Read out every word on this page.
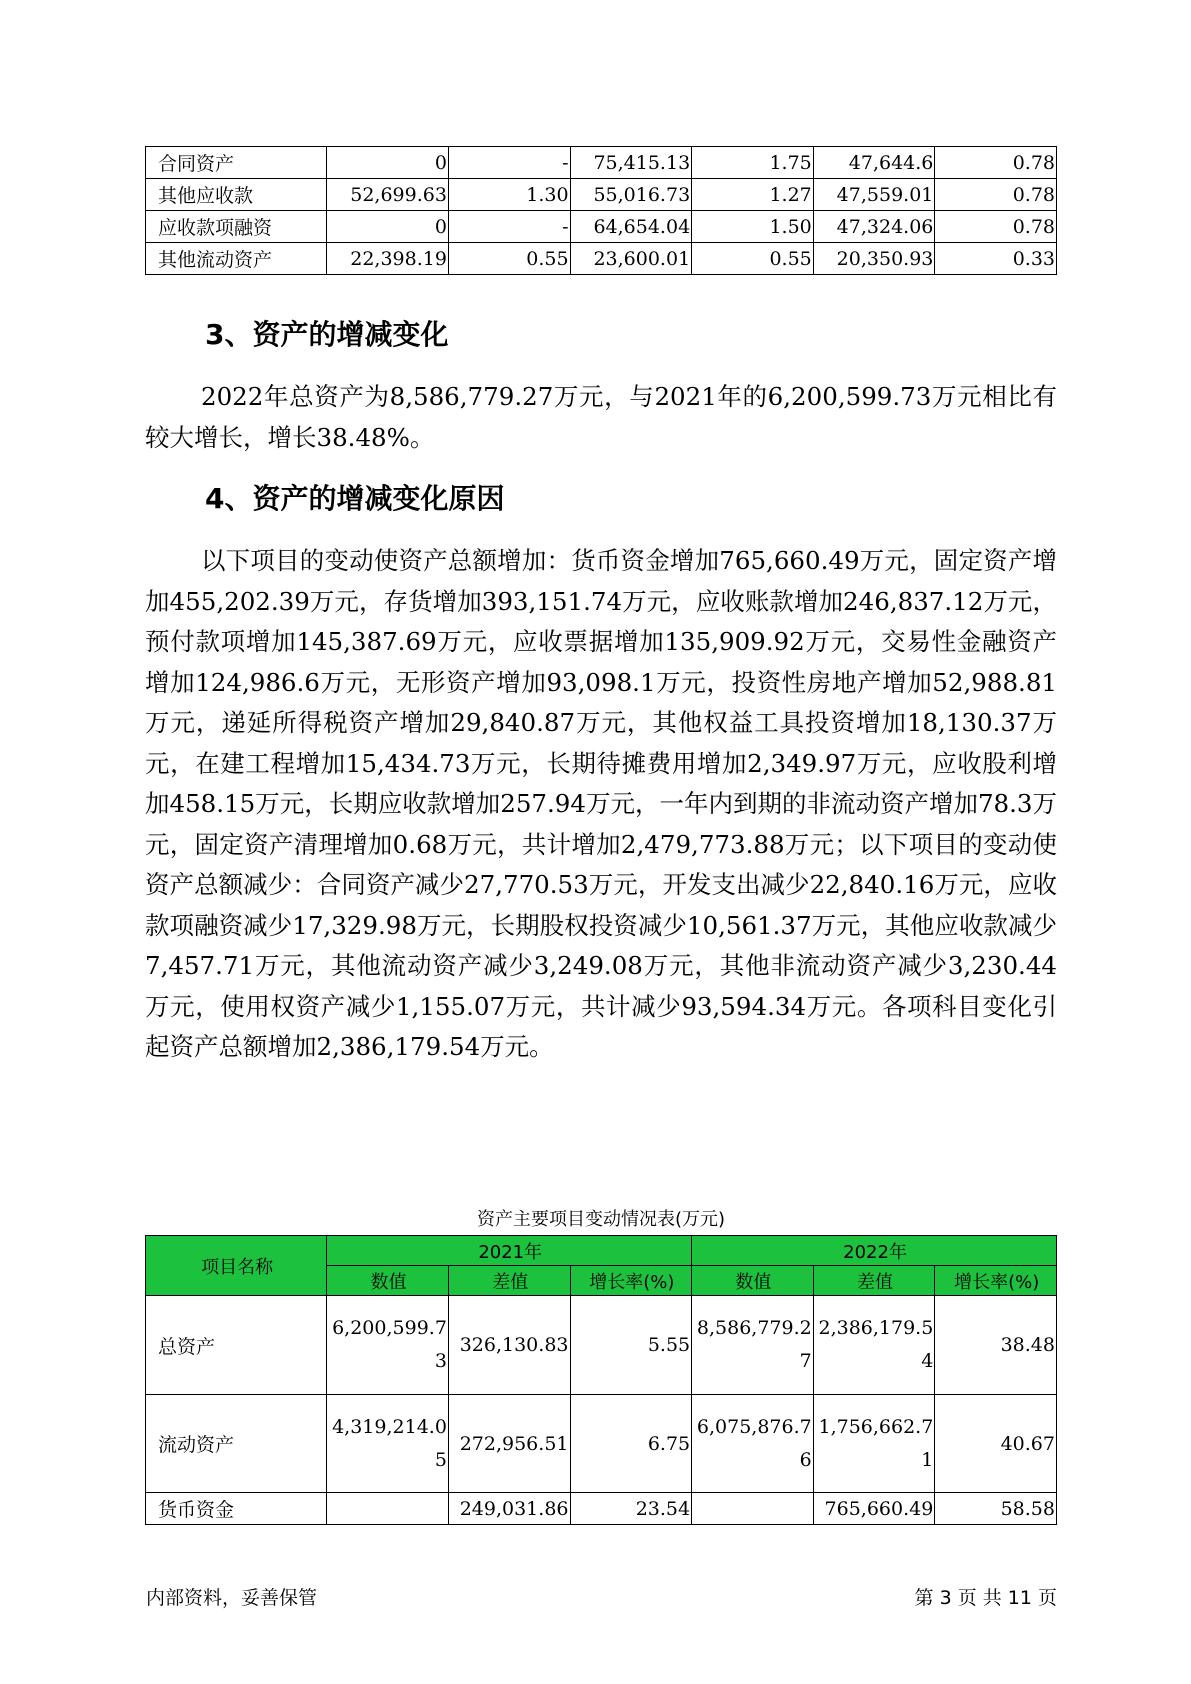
合同资产	0	-	75,415.13	1.75	47,644.6	0.78
其他应收款	52,699.63	1.30	55,016.73	1.27	47,559.01	0.78
应收款项融资	0	-	64,654.04	1.50	47,324.06	0.78
其他流动资产	22,398.19	0.55	23,600.01	0.55	20,350.93	0.33
3、资产的增减变化

2022年总资产为8,586,779.27万元，与2021年的6,200,599.73万元相比有较大增长，增长38.48%。

4、资产的增减变化原因

以下项目的变动使资产总额增加：货币资金增加765,660.49万元，固定资产增加455,202.39万元，存货增加393,151.74万元，应收账款增加246,837.12万元，预付款项增加145,387.69万元，应收票据增加135,909.92万元，交易性金融资产增加124,986.6万元，无形资产增加93,098.1万元，投资性房地产增加52,988.81万元，递延所得税资产增加29,840.87万元，其他权益工具投资增加18,130.37万元，在建工程增加15,434.73万元，长期待摊费用增加2,349.97万元，应收股利增加458.15万元，长期应收款增加257.94万元，一年内到期的非流动资产增加78.3万元，固定资产清理增加0.68万元，共计增加2,479,773.88万元；以下项目的变动使资产总额减少：合同资产减少27,770.53万元，开发支出减少22,840.16万元，应收款项融资减少17,329.98万元，长期股权投资减少10,561.37万元，其他应收款减少7,457.71万元，其他流动资产减少3,249.08万元，其他非流动资产减少3,230.44万元，使用权资产减少1,155.07万元，共计减少93,594.34万元。各项科目变化引起资产总额增加2,386,179.54万元。

资产主要项目变动情况表(万元)
项目名称	2021年			2022年		
	数值	差值	增长率(%)	数值	差值	增长率(%)
总资产	6,200,599.73	326,130.83	5.55	8,586,779.27	2,386,179.54	38.48
流动资产	4,319,214.05	272,956.51	6.75	6,075,876.76	1,756,662.71	40.67
货币资金		249,031.86	23.54		765,660.49	58.58
内部资料，妥善保管	第 3 页 共 11 页
